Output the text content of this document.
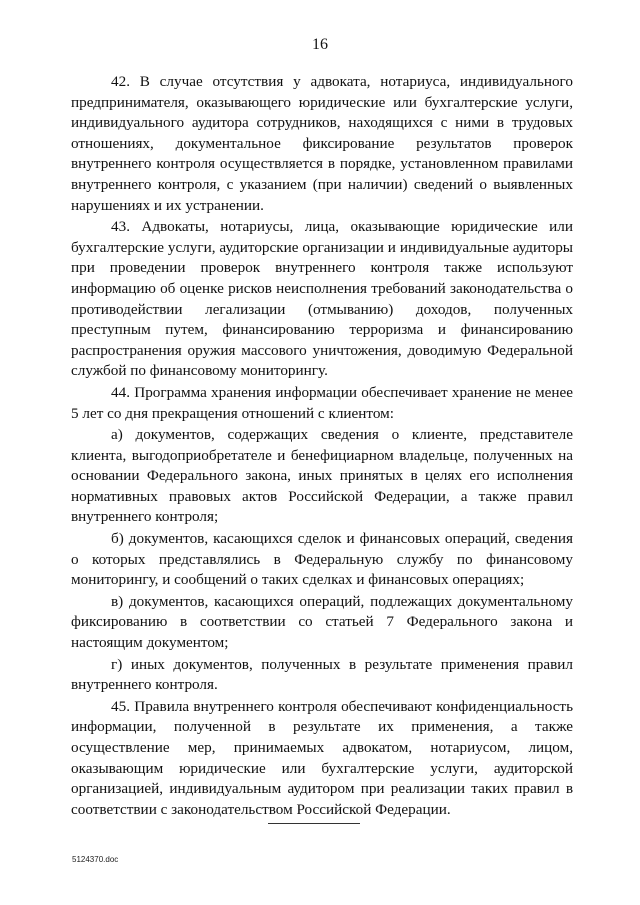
16

42. В случае отсутствия у адвоката, нотариуса, индивидуального предпринимателя, оказывающего юридические или бухгалтерские услуги, индивидуального аудитора сотрудников, находящихся с ними в трудовых отношениях, документальное фиксирование результатов проверок внутреннего контроля осуществляется в порядке, установленном правилами внутреннего контроля, с указанием (при наличии) сведений о выявленных нарушениях и их устранении.

43. Адвокаты, нотариусы, лица, оказывающие юридические или бухгалтерские услуги, аудиторские организации и индивидуальные аудиторы при проведении проверок внутреннего контроля также используют информацию об оценке рисков неисполнения требований законодательства о противодействии легализации (отмыванию) доходов, полученных преступным путем, финансированию терроризма и финансированию распространения оружия массового уничтожения, доводимую Федеральной службой по финансовому мониторингу.

44. Программа хранения информации обеспечивает хранение не менее 5 лет со дня прекращения отношений с клиентом:

а) документов, содержащих сведения о клиенте, представителе клиента, выгодоприобретателе и бенефициарном владельце, полученных на основании Федерального закона, иных принятых в целях его исполнения нормативных правовых актов Российской Федерации, а также правил внутреннего контроля;

б) документов, касающихся сделок и финансовых операций, сведения о которых представлялись в Федеральную службу по финансовому мониторингу, и сообщений о таких сделках и финансовых операциях;

в) документов, касающихся операций, подлежащих документальному фиксированию в соответствии со статьей 7 Федерального закона и настоящим документом;

г) иных документов, полученных в результате применения правил внутреннего контроля.

45. Правила внутреннего контроля обеспечивают конфиденциальность информации, полученной в результате их применения, а также осуществление мер, принимаемых адвокатом, нотариусом, лицом, оказывающим юридические или бухгалтерские услуги, аудиторской организацией, индивидуальным аудитором при реализации таких правил в соответствии с законодательством Российской Федерации.

5124370.doc
